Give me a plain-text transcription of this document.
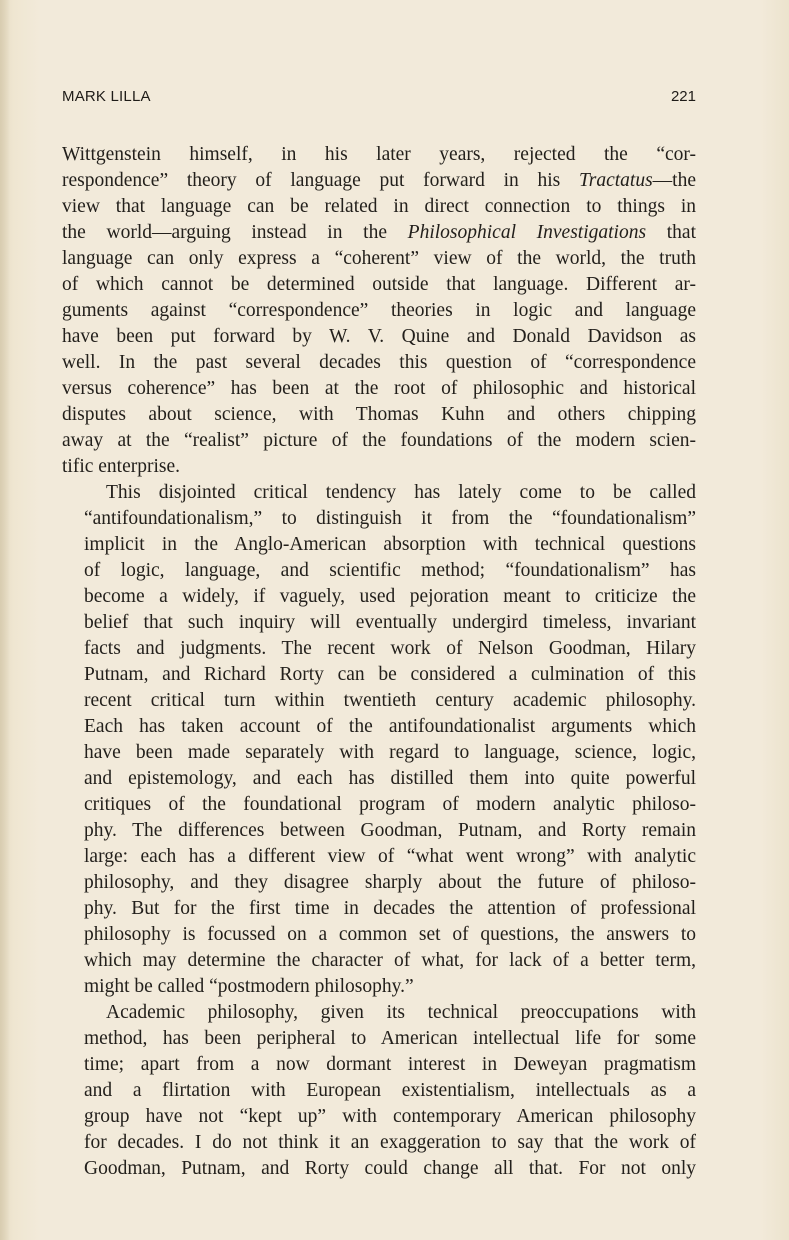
MARK LILLA	221
Wittgenstein himself, in his later years, rejected the “cor-
respondence” theory of language put forward in his Tractatus—the
view that language can be related in direct connection to things in
the world—arguing instead in the Philosophical Investigations that
language can only express a “coherent” view of the world, the truth
of which cannot be determined outside that language. Different ar-
guments against “correspondence” theories in logic and language
have been put forward by W. V. Quine and Donald Davidson as
well. In the past several decades this question of “correspondence
versus coherence” has been at the root of philosophic and historical
disputes about science, with Thomas Kuhn and others chipping
away at the “realist” picture of the foundations of the modern scien-
tific enterprise.
This disjointed critical tendency has lately come to be called
“antifoundationalism,” to distinguish it from the “foundationalism”
implicit in the Anglo-American absorption with technical questions
of logic, language, and scientific method; “foundationalism” has
become a widely, if vaguely, used pejoration meant to criticize the
belief that such inquiry will eventually undergird timeless, invariant
facts and judgments. The recent work of Nelson Goodman, Hilary
Putnam, and Richard Rorty can be considered a culmination of this
recent critical turn within twentieth century academic philosophy.
Each has taken account of the antifoundationalist arguments which
have been made separately with regard to language, science, logic,
and epistemology, and each has distilled them into quite powerful
critiques of the foundational program of modern analytic philoso-
phy. The differences between Goodman, Putnam, and Rorty remain
large: each has a different view of “what went wrong” with analytic
philosophy, and they disagree sharply about the future of philoso-
phy. But for the first time in decades the attention of professional
philosophy is focussed on a common set of questions, the answers to
which may determine the character of what, for lack of a better term,
might be called “postmodern philosophy.”
Academic philosophy, given its technical preoccupations with
method, has been peripheral to American intellectual life for some
time; apart from a now dormant interest in Deweyan pragmatism
and a flirtation with European existentialism, intellectuals as a
group have not “kept up” with contemporary American philosophy
for decades. I do not think it an exaggeration to say that the work of
Goodman, Putnam, and Rorty could change all that. For not only
